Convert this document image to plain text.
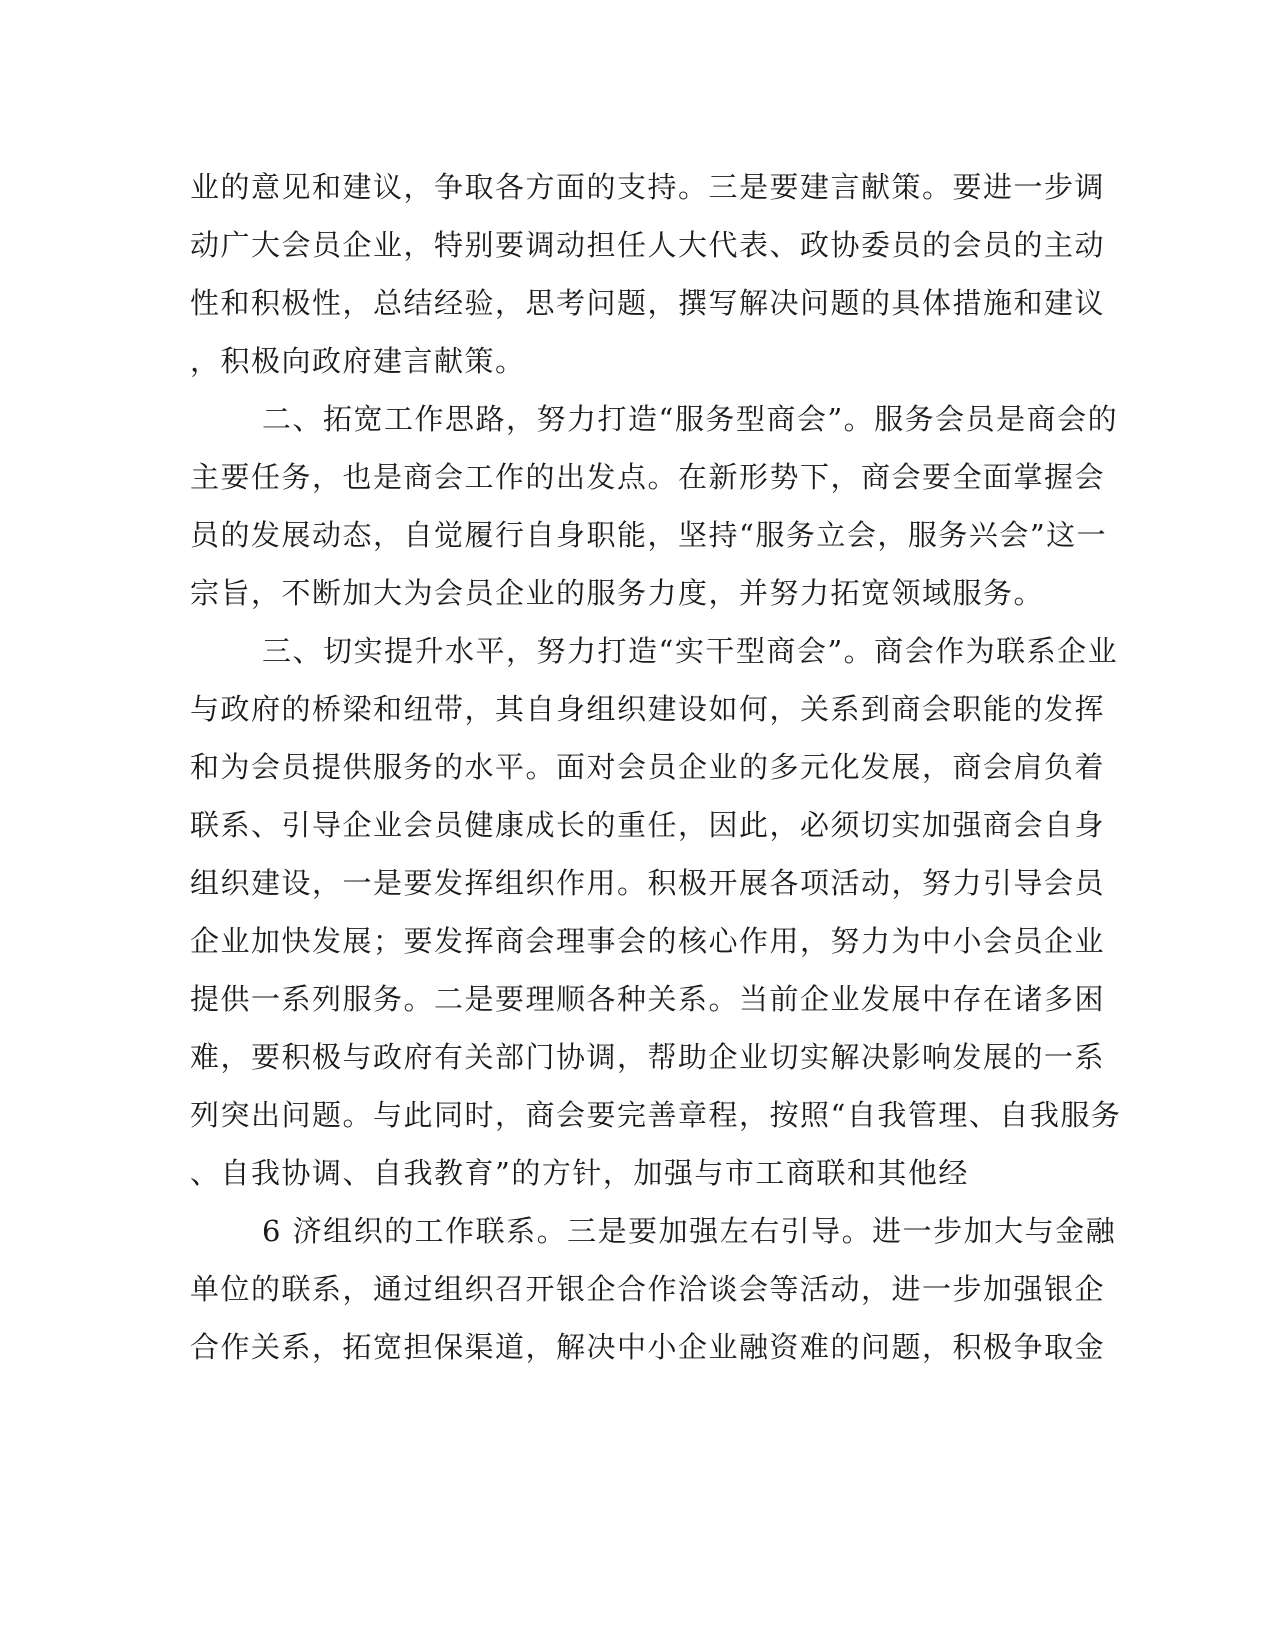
业的意见和建议，争取各方面的支持。三是要建言献策。要进一步调
动广大会员企业，特别要调动担任人大代表、政协委员的会员的主动
性和积极性，总结经验，思考问题，撰写解决问题的具体措施和建议
，积极向政府建言献策。
二、拓宽工作思路，努力打造“服务型商会”。服务会员是商会的
主要任务，也是商会工作的出发点。在新形势下，商会要全面掌握会
员的发展动态，自觉履行自身职能，坚持“服务立会，服务兴会”这一
宗旨，不断加大为会员企业的服务力度，并努力拓宽领域服务。
三、切实提升水平，努力打造“实干型商会”。商会作为联系企业
与政府的桥梁和纽带，其自身组织建设如何，关系到商会职能的发挥
和为会员提供服务的水平。面对会员企业的多元化发展，商会肩负着
联系、引导企业会员健康成长的重任，因此，必须切实加强商会自身
组织建设，一是要发挥组织作用。积极开展各项活动，努力引导会员
企业加快发展；要发挥商会理事会的核心作用，努力为中小会员企业
提供一系列服务。二是要理顺各种关系。当前企业发展中存在诸多困
难，要积极与政府有关部门协调，帮助企业切实解决影响发展的一系
列突出问题。与此同时，商会要完善章程，按照“自我管理、自我服务
、自我协调、自我教育”的方针，加强与市工商联和其他经
6 济组织的工作联系。三是要加强左右引导。进一步加大与金融
单位的联系，通过组织召开银企合作洽谈会等活动，进一步加强银企
合作关系，拓宽担保渠道，解决中小企业融资难的问题，积极争取金
